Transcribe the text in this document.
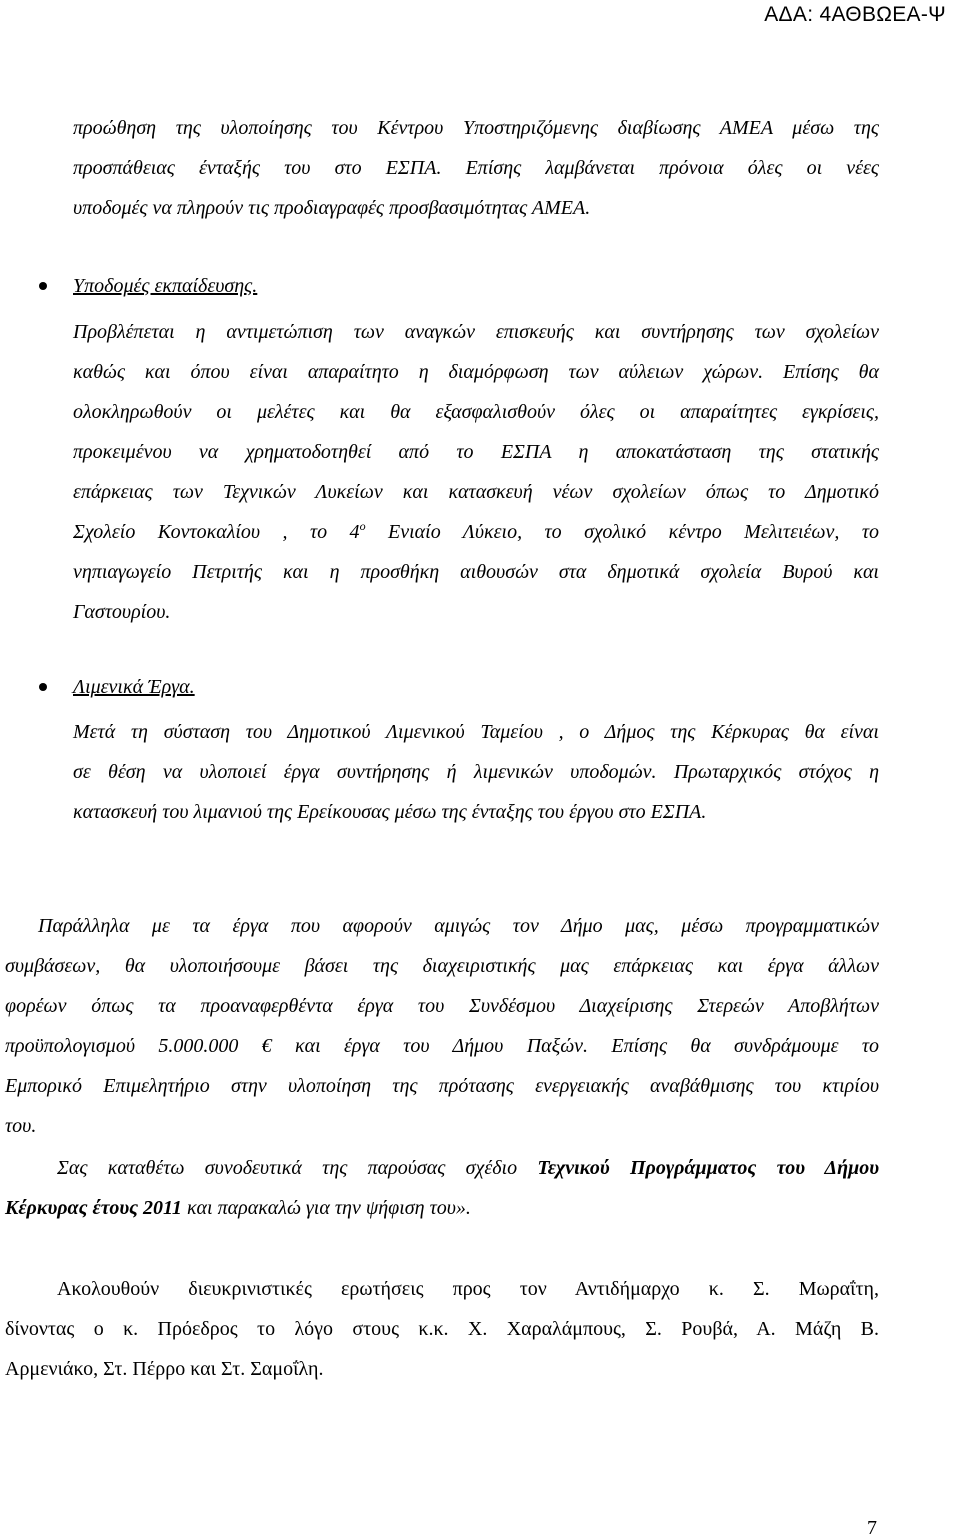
ΑΔΑ: 4ΑΘΒΩΕΑ-Ψ
προώθηση της υλοποίησης του Κέντρου Υποστηριζόμενης διαβίωσης ΑΜΕΑ μέσω της
προσπάθειας ένταξής του στο ΕΣΠΑ. Επίσης λαμβάνεται πρόνοια όλες οι νέες
υποδομές να πληρούν τις προδιαγραφές προσβασιμότητας ΑΜΕΑ.
Υποδομές εκπαίδευσης.
Προβλέπεται η αντιμετώπιση των αναγκών επισκευής και συντήρησης των σχολείων
καθώς και όπου είναι απαραίτητο η διαμόρφωση των αύλειων χώρων. Επίσης θα
ολοκληρωθούν οι μελέτες και θα εξασφαλισθούν όλες οι απαραίτητες εγκρίσεις,
προκειμένου να χρηματοδοτηθεί από το ΕΣΠΑ η αποκατάσταση της στατικής
επάρκειας των Τεχνικών Λυκείων και κατασκευή νέων σχολείων όπως το Δημοτικό
Σχολείο Κοντοκαλίου , το $4^o$ Ενιαίο Λύκειο, το σχολικό κέντρο Μελιτειέων, το
νηπιαγωγείο Πετριτής και η προσθήκη αιθουσών στα δημοτικά σχολεία Βυρού και
Γαστουρίου.
Λιμενικά Έργα.
Μετά τη σύσταση του Δημοτικού Λιμενικού Ταμείου , ο Δήμος της Κέρκυρας θα είναι
σε θέση να υλοποιεί έργα συντήρησης ή λιμενικών υποδομών. Πρωταρχικός στόχος η
κατασκευή του λιμανιού της Ερείκουσας μέσω της ένταξης του έργου στο ΕΣΠΑ.
Παράλληλα με τα έργα που αφορούν αμιγώς τον Δήμο μας, μέσω προγραμματικών
συμβάσεων, θα υλοποιήσουμε βάσει της διαχειριστικής μας επάρκειας και έργα άλλων
φορέων όπως τα προαναφερθέντα έργα του Συνδέσμου Διαχείρισης Στερεών Αποβλήτων
προϋπολογισμού 5.000.000 € και έργα του Δήμου Παξών. Επίσης θα συνδράμουμε το
Εμπορικό Επιμελητήριο στην υλοποίηση της πρότασης ενεργειακής αναβάθμισης του κτιρίου
του.
Σας καταθέτω συνοδευτικά της παρούσας σχέδιο Τεχνικού Προγράμματος του Δήμου
Κέρκυρας έτους 2011 και παρακαλώ για την ψήφιση του».
Ακολουθούν διευκρινιστικές ερωτήσεις προς τον Αντιδήμαρχο κ. Σ. Μωραΐτη,
δίνοντας ο κ. Πρόεδρος το λόγο στους κ.κ. Χ. Χαραλάμπους, Σ. Ρουβά, Α. Μάζη Β.
Αρμενιάκο, Στ. Πέρρο και Στ. Σαμοΐλη.
7
